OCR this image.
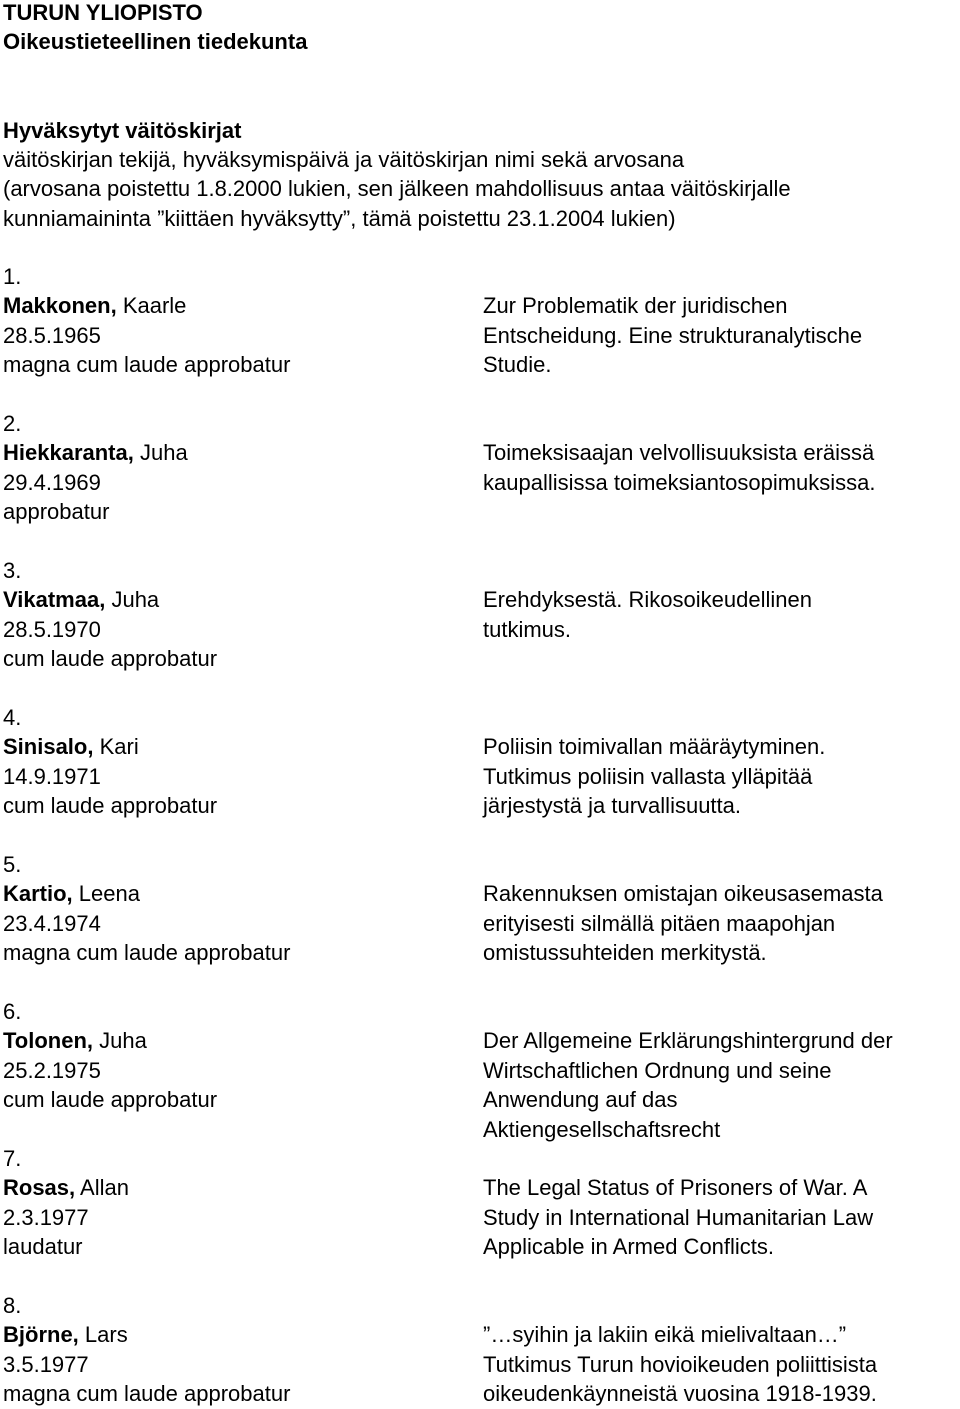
TURUN YLIOPISTO
Oikeustieteellinen tiedekunta
Hyväksytyt väitöskirjat
väitöskirjan tekijä, hyväksymispäivä ja väitöskirjan nimi sekä arvosana
(arvosana poistettu 1.8.2000 lukien, sen jälkeen mahdollisuus antaa väitöskirjalle
kunniamaininta ”kiittäen hyväksytty”, tämä poistettu 23.1.2004 lukien)
1.
Makkonen, Kaarle
28.5.1965
magna cum laude approbatur
Zur Problematik der juridischen
Entscheidung. Eine strukturanalytische
Studie.
2.
Hiekkaranta, Juha
29.4.1969
approbatur
Toimeksisaajan velvollisuuksista eräissä
kaupallisissa toimeksiantosopimuksissa.
3.
Vikatmaa, Juha
28.5.1970
cum laude approbatur
Erehdyksestä. Rikosoikeudellinen
tutkimus.
4.
Sinisalo, Kari
14.9.1971
cum laude approbatur
Poliisin toimivallan määräytyminen.
Tutkimus poliisin vallasta ylläpitää
järjestystä ja turvallisuutta.
5.
Kartio, Leena
23.4.1974
magna cum laude approbatur
Rakennuksen omistajan oikeusasemasta
erityisesti silmällä pitäen maapohjan
omistussuhteiden merkitystä.
6.
Tolonen, Juha
25.2.1975
cum laude approbatur
Der Allgemeine Erklärungshintergrund der
Wirtschaftlichen Ordnung und seine
Anwendung auf das
Aktiengesellschaftsrecht
7.
Rosas, Allan
2.3.1977
laudatur
The Legal Status of Prisoners of War. A
Study in International Humanitarian Law
Applicable in Armed Conflicts.
8.
Björne, Lars
3.5.1977
magna cum laude approbatur
”…syihin ja lakiin eikä mielivaltaan…”
Tutkimus Turun hovioikeuden poliittisista
oikeudenkäynneistä vuosina 1918-1939.
